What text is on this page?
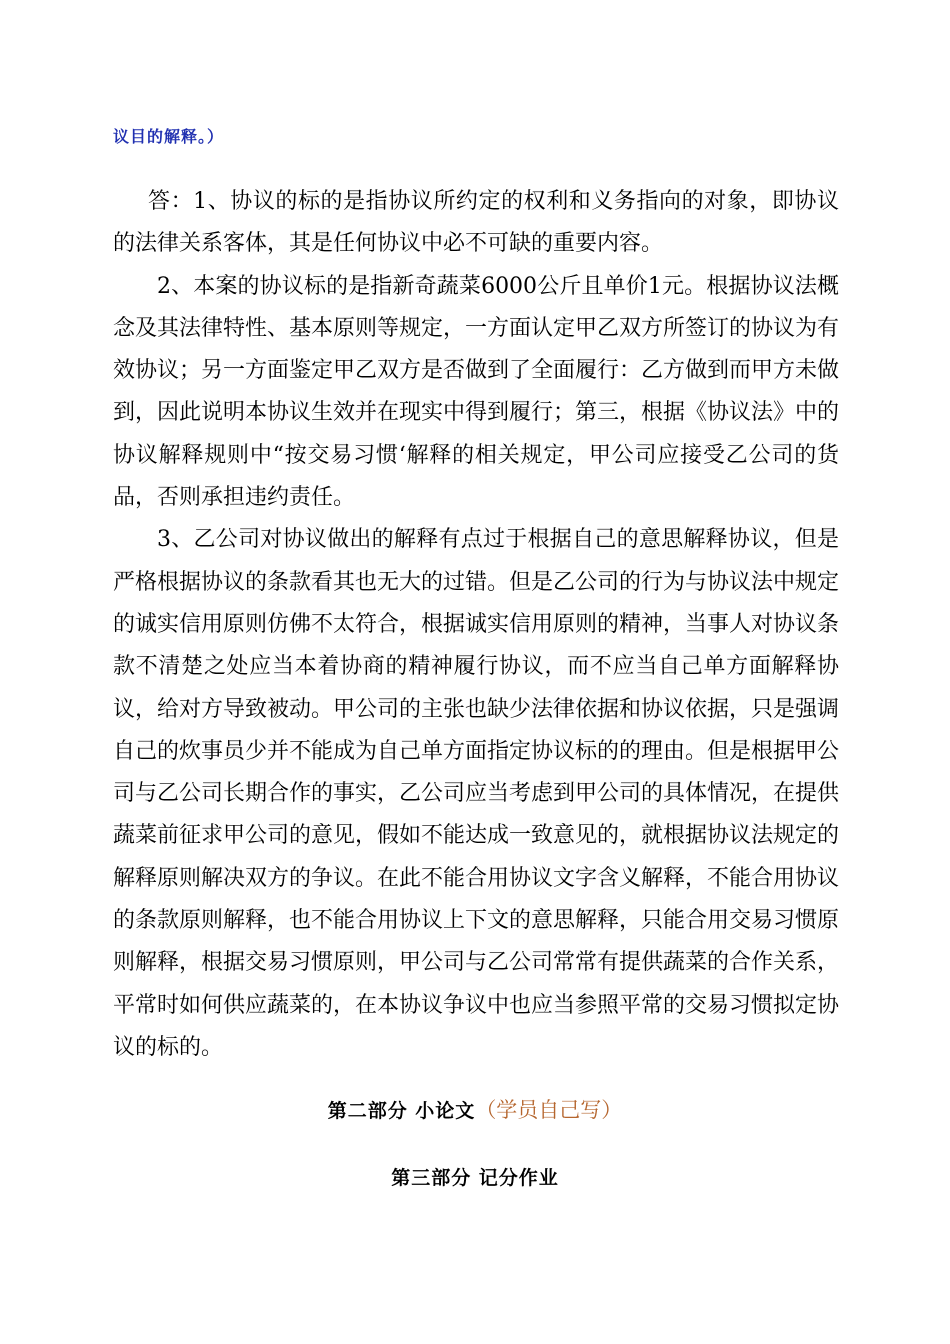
议目的解释。）

答：1、协议的标的是指协议所约定的权利和义务指向的对象，即协议的法律关系客体，其是任何协议中必不可缺的重要内容。

2、本案的协议标的是指新奇蔬菜6000公斤且单价1元。根据协议法概念及其法律特性、基本原则等规定，一方面认定甲乙双方所签订的协议为有效协议；另一方面鉴定甲乙双方是否做到了全面履行：乙方做到而甲方未做到，因此说明本协议生效并在现实中得到履行；第三，根据《协议法》中的协议解释规则中“按交易习惯‘解释的相关规定，甲公司应接受乙公司的货品，否则承担违约责任。

3、乙公司对协议做出的解释有点过于根据自己的意思解释协议，但是严格根据协议的条款看其也无大的过错。但是乙公司的行为与协议法中规定的诚实信用原则仿佛不太符合，根据诚实信用原则的精神，当事人对协议条款不清楚之处应当本着协商的精神履行协议，而不应当自己单方面解释协议，给对方导致被动。甲公司的主张也缺少法律依据和协议依据，只是强调自己的炊事员少并不能成为自己单方面指定协议标的的理由。但是根据甲公司与乙公司长期合作的事实，乙公司应当考虑到甲公司的具体情况，在提供蔬菜前征求甲公司的意见，假如不能达成一致意见的，就根据协议法规定的解释原则解决双方的争议。在此不能合用协议文字含义解释，不能合用协议的条款原则解释，也不能合用协议上下文的意思解释，只能合用交易习惯原则解释，根据交易习惯原则，甲公司与乙公司常常有提供蔬菜的合作关系，平常时如何供应蔬菜的，在本协议争议中也应当参照平常的交易习惯拟定协议的标的。

第二部分 小论文（学员自己写）
第三部分 记分作业
